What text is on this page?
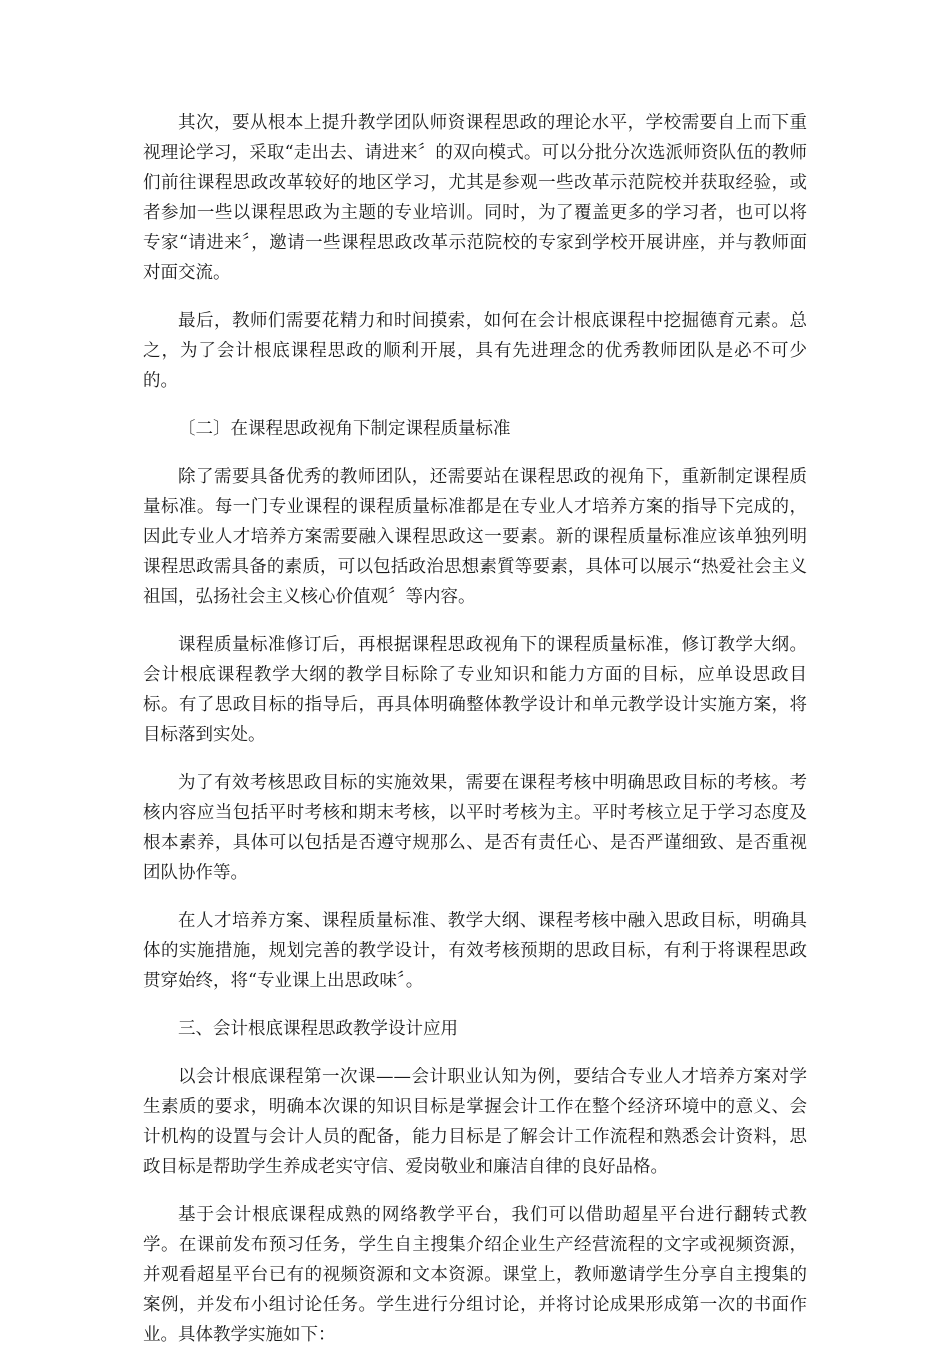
其次，要从根本上提升教学团队师资课程思政的理论水平，学校需要自上而下重视理论学习，采取“走出去、请进来〞的双向模式。可以分批分次选派师资队伍的教师们前往课程思政改革较好的地区学习，尤其是参观一些改革示范院校并获取经验，或者参加一些以课程思政为主题的专业培训。同时，为了覆盖更多的学习者，也可以将专家“请进来〞，邀请一些课程思政改革示范院校的专家到学校开展讲座，并与教师面对面交流。

最后，教师们需要花精力和时间摸索，如何在会计根底课程中挖掘德育元素。总之，为了会计根底课程思政的顺利开展，具有先进理念的优秀教师团队是必不可少的。

〔二〕在课程思政视角下制定课程质量标准

除了需要具备优秀的教师团队，还需要站在课程思政的视角下，重新制定课程质量标准。每一门专业课程的课程质量标准都是在专业人才培养方案的指导下完成的，因此专业人才培养方案需要融入课程思政这一要素。新的课程质量标准应该单独列明课程思政需具备的素质，可以包括政治思想素質等要素，具体可以展示“热爱社会主义祖国，弘扬社会主义核心价值观〞等内容。

课程质量标准修订后，再根据课程思政视角下的课程质量标准，修订教学大纲。会计根底课程教学大纲的教学目标除了专业知识和能力方面的目标，应单设思政目标。有了思政目标的指导后，再具体明确整体教学设计和单元教学设计实施方案，将目标落到实处。

为了有效考核思政目标的实施效果，需要在课程考核中明确思政目标的考核。考核内容应当包括平时考核和期末考核，以平时考核为主。平时考核立足于学习态度及根本素养，具体可以包括是否遵守规那么、是否有责任心、是否严谨细致、是否重视团队协作等。

在人才培养方案、课程质量标准、教学大纲、课程考核中融入思政目标，明确具体的实施措施，规划完善的教学设计，有效考核预期的思政目标，有利于将课程思政贯穿始终，将“专业课上出思政味〞。

三、会计根底课程思政教学设计应用

以会计根底课程第一次课——会计职业认知为例，要结合专业人才培养方案对学生素质的要求，明确本次课的知识目标是掌握会计工作在整个经济环境中的意义、会计机构的设置与会计人员的配备，能力目标是了解会计工作流程和熟悉会计资料，思政目标是帮助学生养成老实守信、爱岗敬业和廉洁自律的良好品格。

基于会计根底课程成熟的网络教学平台，我们可以借助超星平台进行翻转式教学。在课前发布预习任务，学生自主搜集介绍企业生产经营流程的文字或视频资源，并观看超星平台已有的视频资源和文本资源。课堂上，教师邀请学生分享自主搜集的案例，并发布小组讨论任务。学生进行分组讨论，并将讨论成果形成第一次的书面作业。具体教学实施如下：
